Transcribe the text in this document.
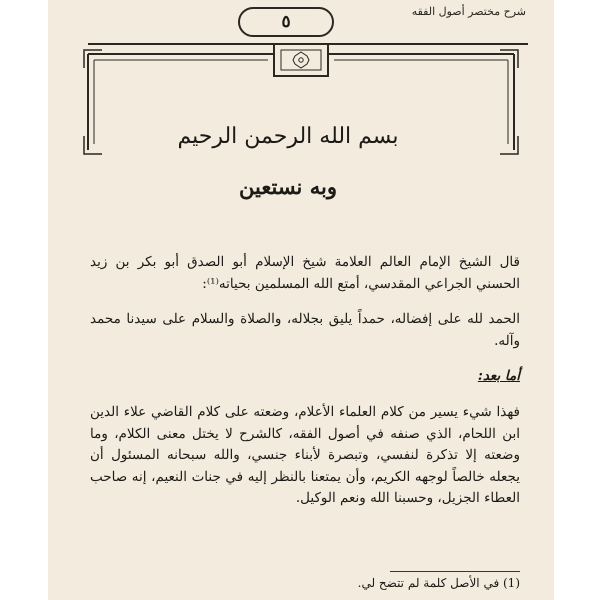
شرح مختصر أصول الفقه
٥
بسم الله الرحمن الرحيم
وبه نستعين

قال الشيخ الإمام العالم العلامة شيخ الإسلام أبو الصدق أبو بكر بن زيد الحسني الجراعي المقدسي، أمتع الله المسلمين بحياته⁽¹⁾:

الحمد لله على إفضاله، حمداً يليق بجلاله، والصلاة والسلام على سيدنا محمد وآله.

أما بعد:

فهذا شيء يسير من كلام العلماء الأعلام، وضعته على كلام القاضي علاء الدين ابن اللحام، الذي صنفه في أصول الفقه، كالشرح لا يختل معنى الكلام، وما وضعته إلا تذكرة لنفسي، وتبصرة لأبناء جنسي، والله سبحانه المسئول أن يجعله خالصاً لوجهه الكريم، وأن يمتعنا بالنظر إليه في جنات النعيم، إنه صاحب العطاء الجزيل، وحسبنا الله ونعم الوكيل.

(1) في الأصل كلمة لم تتضح لي.
